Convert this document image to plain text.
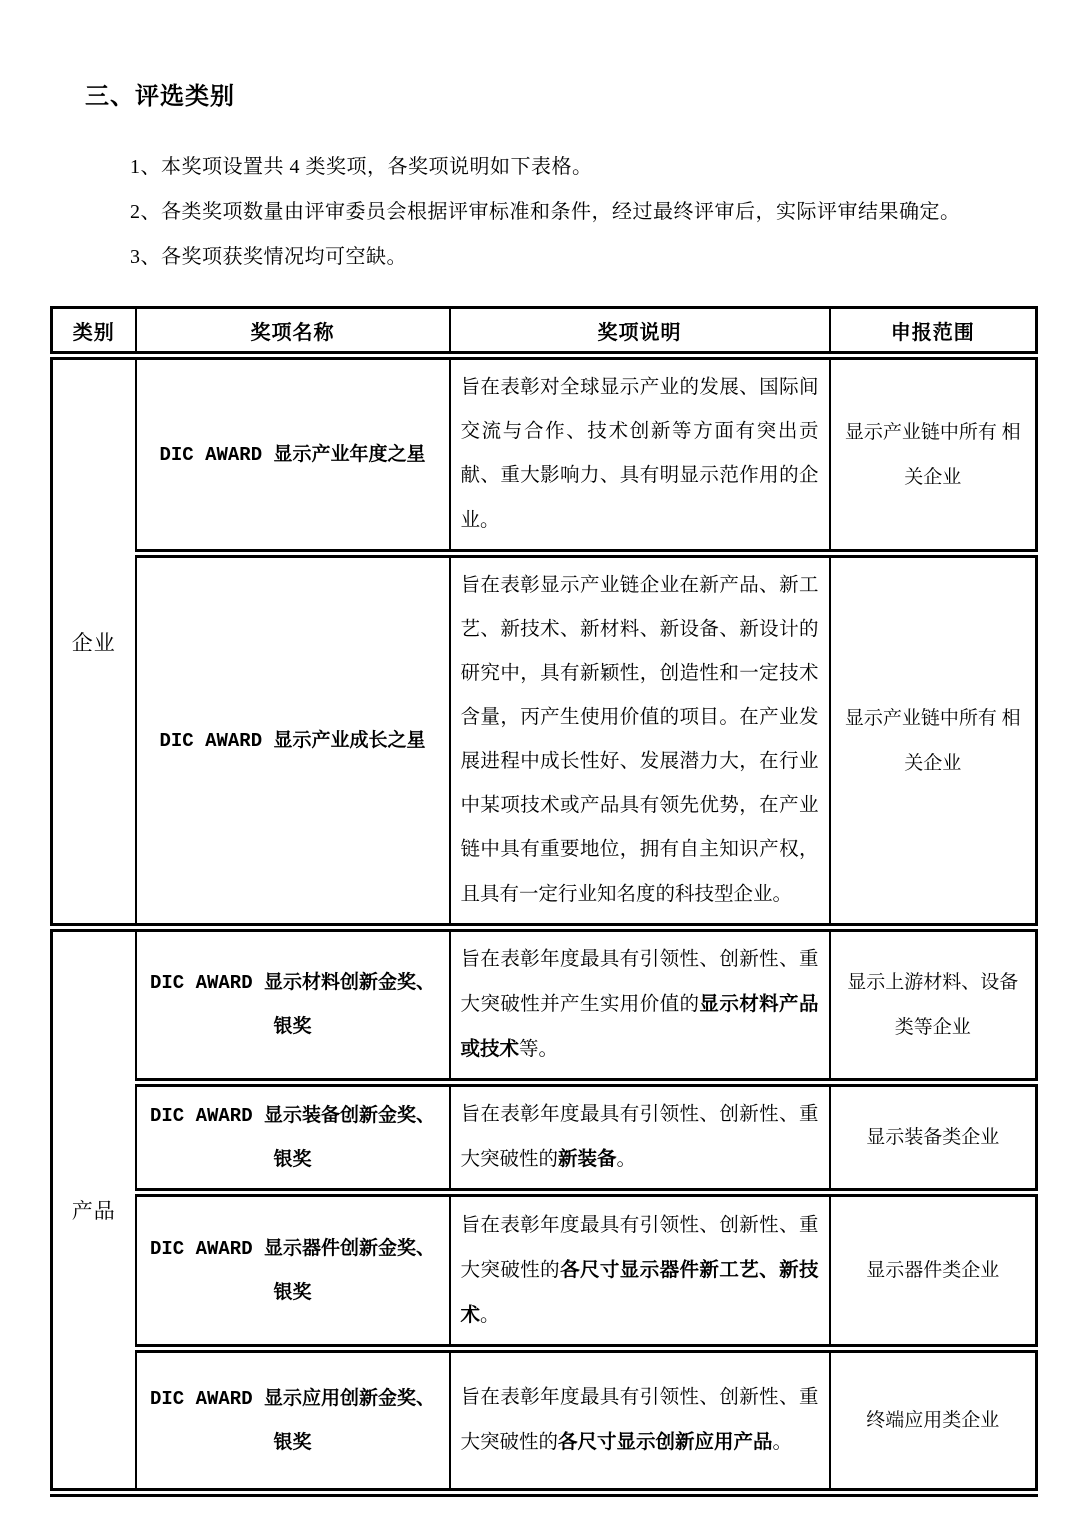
三、评选类别
1、本奖项设置共 4 类奖项，各奖项说明如下表格。
2、各类奖项数量由评审委员会根据评审标准和条件，经过最终评审后，实际评审结果确定。
3、各奖项获奖情况均可空缺。
类别	奖项名称	奖项说明	申报范围
企业	DIC AWARD 显示产业年度之星	旨在表彰对全球显示产业的发展、国际间交流与合作、技术创新等方面有突出贡献、重大影响力、具有明显示范作用的企业。	显示产业链中所有 相关企业
	DIC AWARD 显示产业成长之星	旨在表彰显示产业链企业在新产品、新工艺、新技术、新材料、新设备、新设计的研究中，具有新颖性，创造性和一定技术含量，丙产生使用价值的项目。在产业发展进程中成长性好、发展潜力大，在行业中某项技术或产品具有领先优势，在产业链中具有重要地位，拥有自主知识产权，且具有一定行业知名度的科技型企业。	显示产业链中所有 相关企业
产品	DIC AWARD 显示材料创新金奖、银奖	旨在表彰年度最具有引领性、创新性、重大突破性并产生实用价值的显示材料产品或技术等。	显示上游材料、设备 类等企业
	DIC AWARD 显示装备创新金奖、银奖	旨在表彰年度最具有引领性、创新性、重大突破性的新装备。	显示装备类企业
	DIC AWARD 显示器件创新金奖、银奖	旨在表彰年度最具有引领性、创新性、重大突破性的各尺寸显示器件新工艺、新技术。	显示器件类企业
	DIC AWARD 显示应用创新金奖、银奖	旨在表彰年度最具有引领性、创新性、重大突破性的各尺寸显示创新应用产品。	终端应用类企业
